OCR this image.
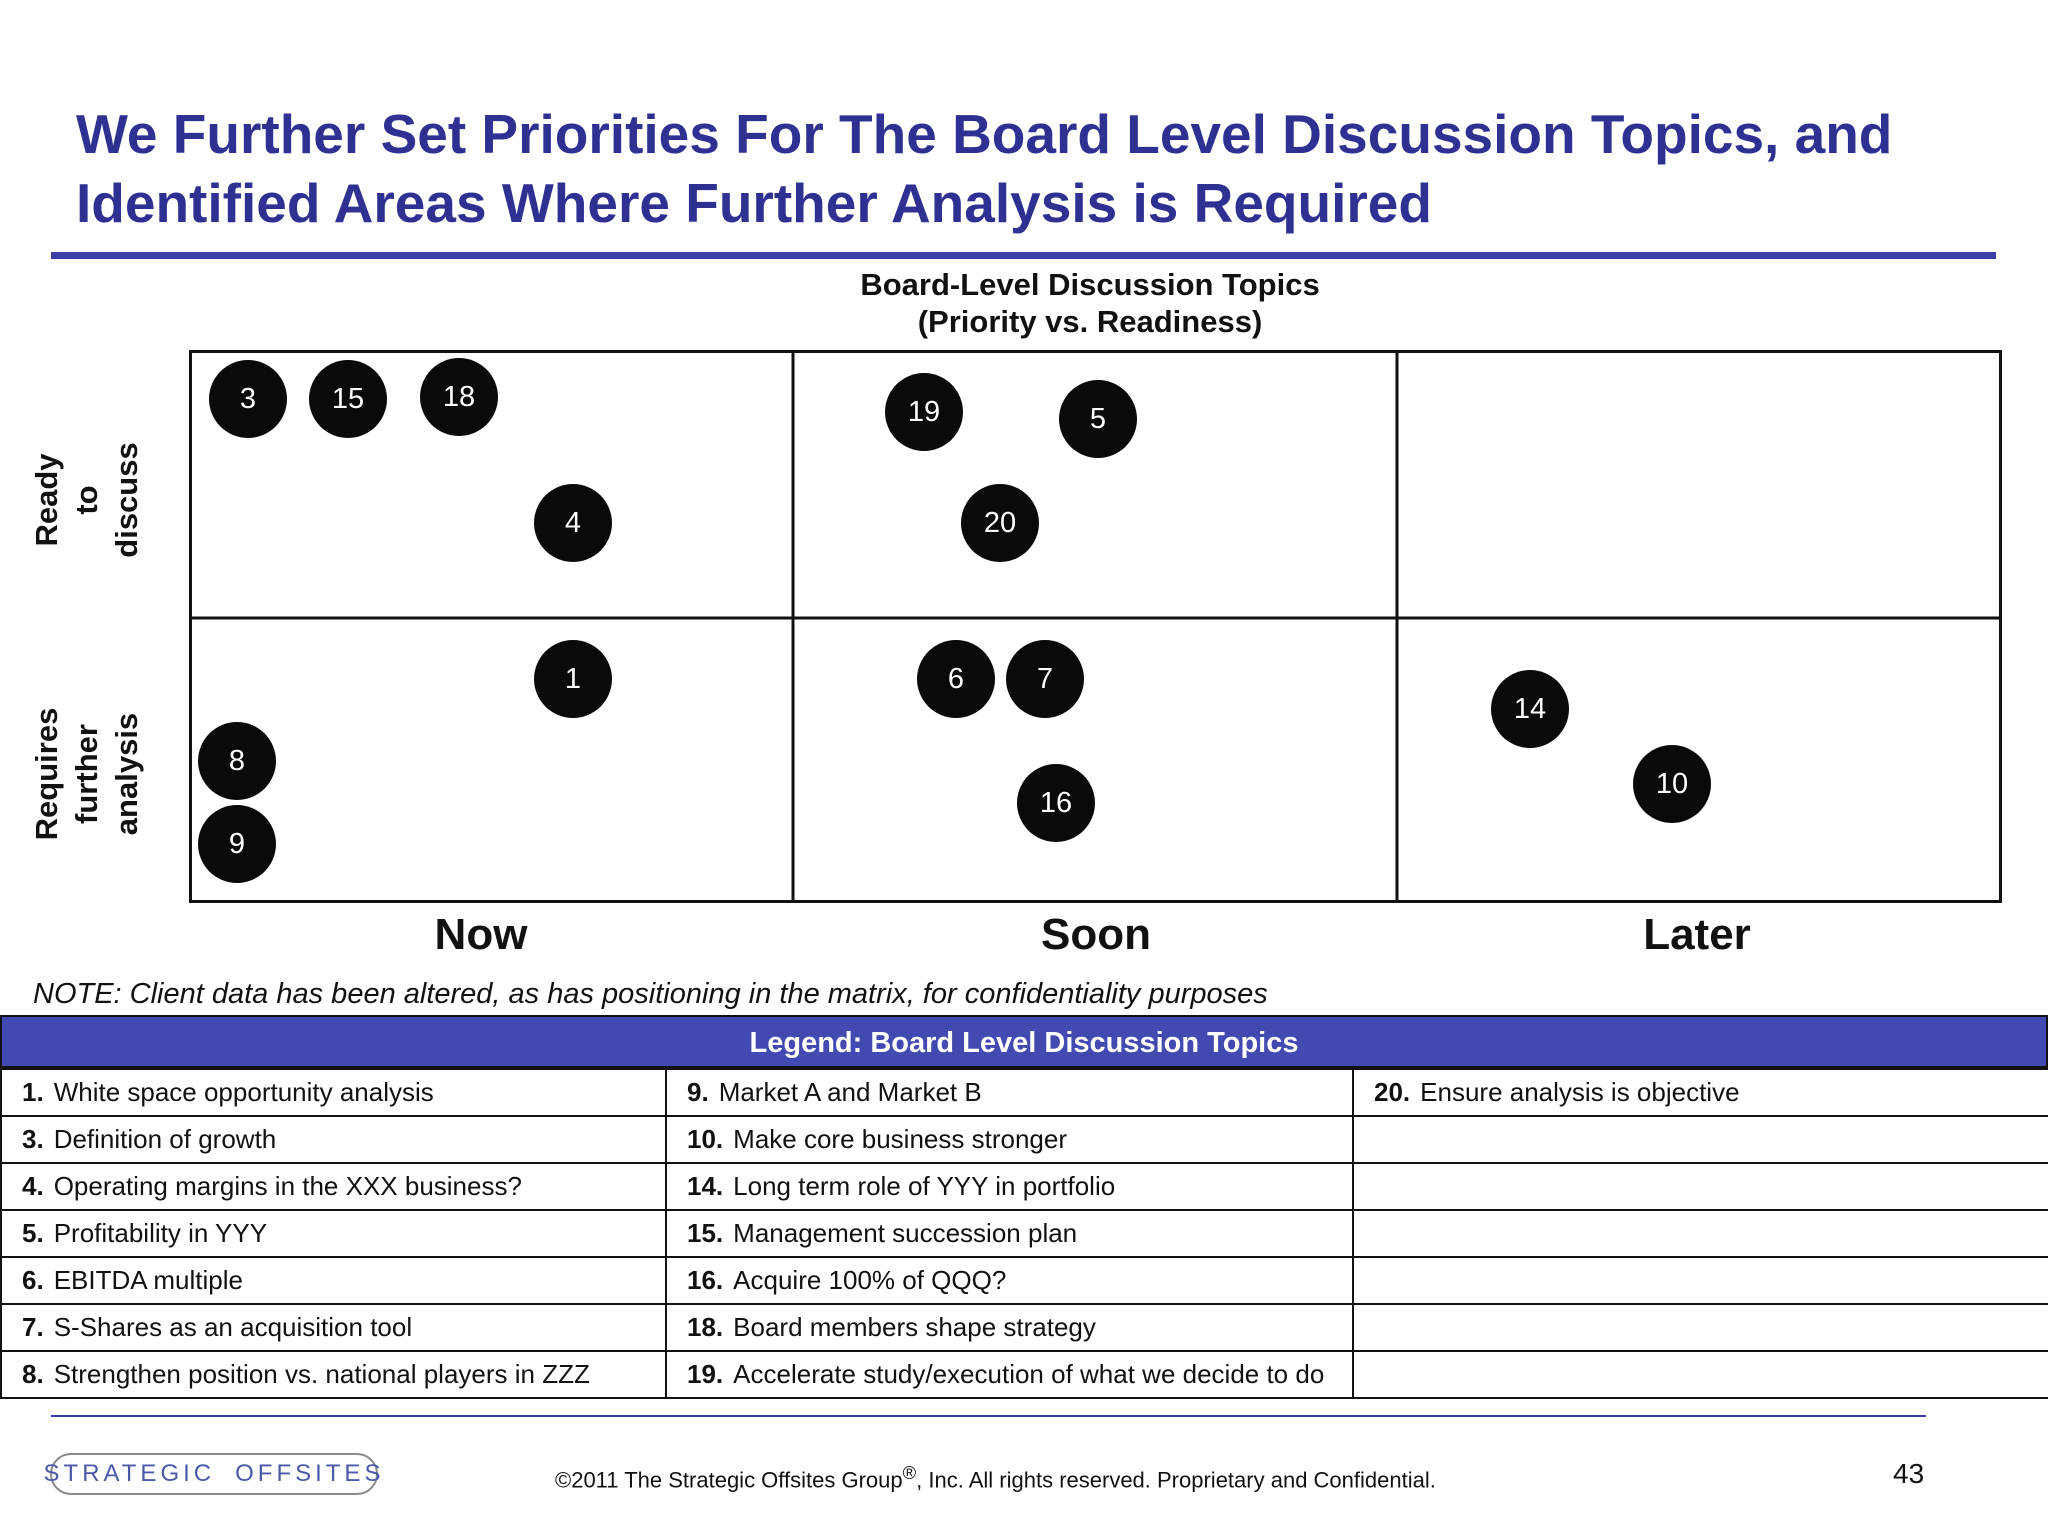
We Further Set Priorities For The Board Level Discussion Topics, and Identified Areas Where Further Analysis is Required
Board-Level Discussion Topics
(Priority vs. Readiness)
3	15	18
4
19	5
20
1
8
9
6	7
16
14
10
Ready
to
discuss
Requires
further
analysis
Now	Soon	Later
NOTE: Client data has been altered, as has positioning in the matrix, for confidentiality purposes
Legend: Board Level Discussion Topics
1. White space opportunity analysis	9. Market A and Market B	20. Ensure analysis is objective
3. Definition of growth	10. Make core business stronger	
4. Operating margins in the XXX business?	14. Long term role of YYY in portfolio	
5. Profitability in YYY	15. Management succession plan	
6. EBITDA multiple	16. Acquire 100% of QQQ?	
7. S-Shares as an acquisition tool	18. Board members shape strategy	
8. Strengthen position vs. national players in ZZZ	19. Accelerate study/execution of what we decide to do	
STRATEGIC OFFSITES	©2011 The Strategic Offsites Group®, Inc. All rights reserved. Proprietary and Confidential.	43
